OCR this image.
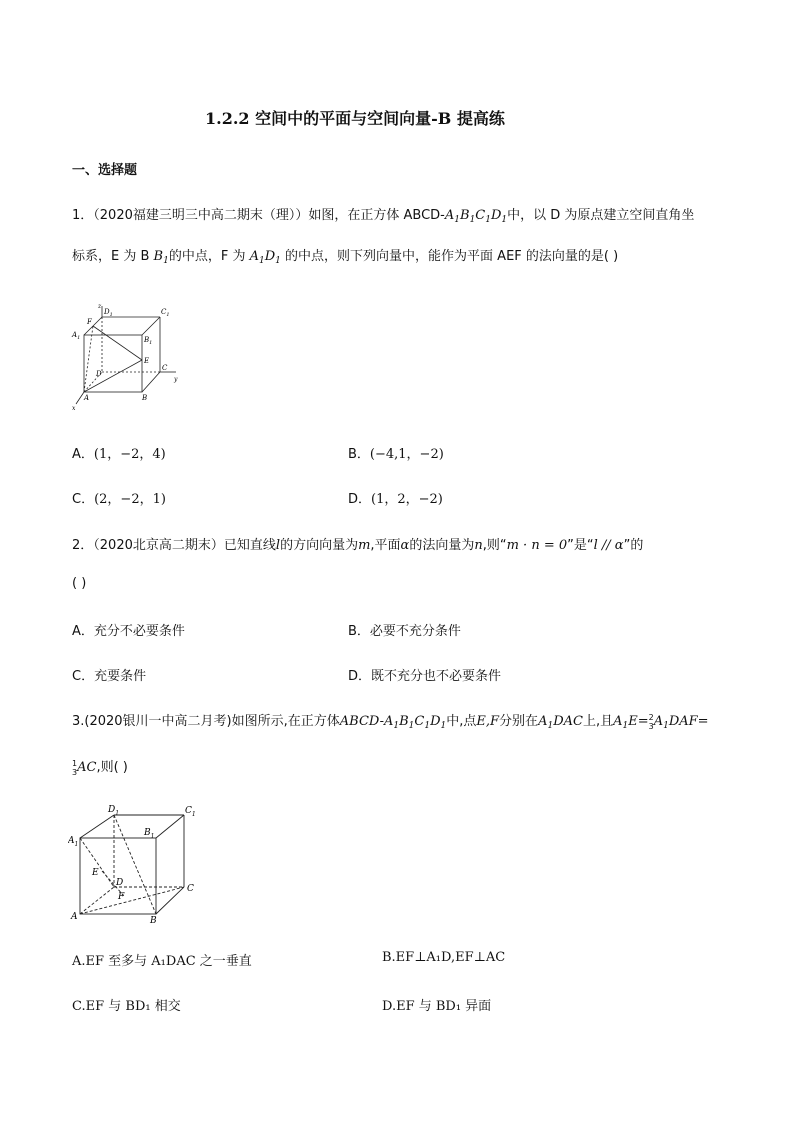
1.2.2 空间中的平面与空间向量-B 提高练
一、选择题
1．（2020福建三明三中高二期末（理））如图，在正方体 ABCD-$A_1B_1C_1D_1$中，以 D 为原点建立空间直角坐
标系，E 为 B $B_1$的中点，F 为 $A_1D_1$ 的中点，则下列向量中，能作为平面 AEF 的法向量的是( )
z
$D_1$
F
$C_1$
$A_1$	$B_1$
E
D
C
y
A	B
x
A．(1，−2，4)	B．(−4,1，−2)
C．(2，−2，1)	D．(1，2，−2)
2．（2020北京高二期末）已知直线l的方向向量为m,平面α的法向量为n,则“m · n = 0”是“l // α”的
( )
A．充分不必要条件	B．必要不充分条件
C．充要条件	D．既不充分也不必要条件
3.(2020银川一中高二月考)如图所示,在正方体ABCD-$A_1B_1C_1D_1$中,点E,F分别在$A_1DAC$上,且$A_1E= 2$
3 $A_1DAF=$
1
3 AC,则( )
$D_1$	$C_1$
$A_1$
$B_1$
E
D
F
C
A	B
A.EF 至多与 A₁DAC 之一垂直	B.EF⊥A₁D,EF⊥AC
C.EF 与 BD₁ 相交	D.EF 与 BD₁ 异面
